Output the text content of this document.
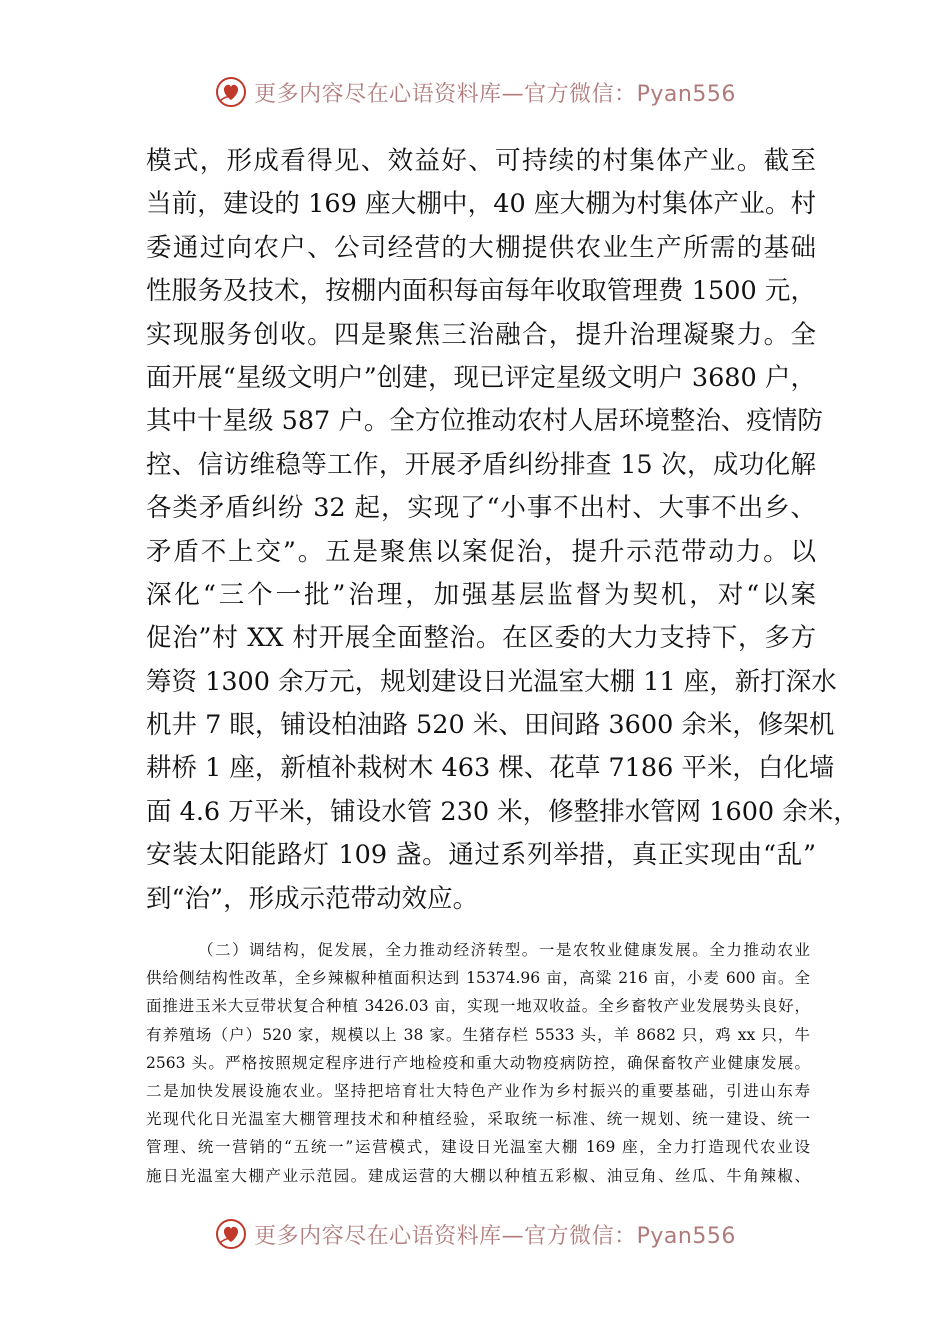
更多内容尽在心语资料库—官方微信：Pyan556
模式，形成看得见、效益好、可持续的村集体产业。截至
当前，建设的 169 座大棚中，40 座大棚为村集体产业。村
委通过向农户、公司经营的大棚提供农业生产所需的基础
性服务及技术，按棚内面积每亩每年收取管理费 1500 元，
实现服务创收。四是聚焦三治融合，提升治理凝聚力。全
面开展“星级文明户”创建，现已评定星级文明户 3680 户，
其中十星级 587 户。全方位推动农村人居环境整治、疫情防
控、信访维稳等工作，开展矛盾纠纷排查 15 次，成功化解
各类矛盾纠纷 32 起，实现了“小事不出村、大事不出乡、
矛盾不上交”。五是聚焦以案促治，提升示范带动力。以
深化“三个一批”治理，加强基层监督为契机，对“以案
促治”村 XX 村开展全面整治。在区委的大力支持下，多方
筹资 1300 余万元，规划建设日光温室大棚 11 座，新打深水
机井 7 眼，铺设柏油路 520 米、田间路 3600 余米，修架机
耕桥 1 座，新植补栽树木 463 棵、花草 7186 平米，白化墙
面 4.6 万平米，铺设水管 230 米，修整排水管网 1600 余米，
安装太阳能路灯 109 盏。通过系列举措，真正实现由“乱”
到“治”，形成示范带动效应。
（二）调结构，促发展，全力推动经济转型。一是农牧业健康发展。全力推动农业
供给侧结构性改革，全乡辣椒种植面积达到 15374.96 亩，高粱 216 亩，小麦 600 亩。全
面推进玉米大豆带状复合种植 3426.03 亩，实现一地双收益。全乡畜牧产业发展势头良好，
有养殖场（户）520 家，规模以上 38 家。生猪存栏 5533 头，羊 8682 只，鸡 xx 只，牛
2563 头。严格按照规定程序进行产地检疫和重大动物疫病防控，确保畜牧产业健康发展。
二是加快发展设施农业。坚持把培育壮大特色产业作为乡村振兴的重要基础，引进山东寿
光现代化日光温室大棚管理技术和种植经验，采取统一标准、统一规划、统一建设、统一
管理、统一营销的“五统一”运营模式，建设日光温室大棚 169 座，全力打造现代农业设
施日光温室大棚产业示范园。建成运营的大棚以种植五彩椒、油豆角、丝瓜、牛角辣椒、
更多内容尽在心语资料库—官方微信：Pyan556
